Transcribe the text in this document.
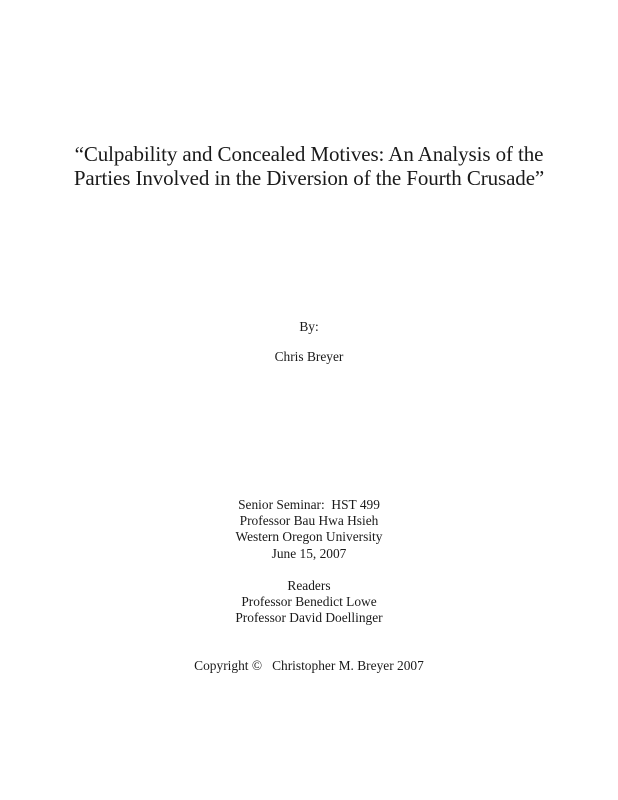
“Culpability and Concealed Motives: An Analysis of the
Parties Involved in the Diversion of the Fourth Crusade”
By:
Chris Breyer
Senior Seminar:  HST 499
Professor Bau Hwa Hsieh
Western Oregon University
June 15, 2007
Readers
Professor Benedict Lowe
Professor David Doellinger
Copyright © Christopher M. Breyer 2007
